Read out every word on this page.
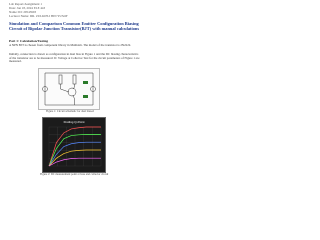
Lab Report/Assignment 1
Date: Jan 18, 2024 ELE 443
Name: ID: 29543993
Lecturer Name: DR. ZULKIFLI BIN YUSOF
Simulation and Comparison Common Emitter Configuration Biasing Circuit of Bipolar Junction Transistor(BJT) with manual calculations
Part 1: Calculation/Testing
A NPN BJT is chosen from component library in Multisim. The model of the transistor is 2N2222.
Initially, connection is drawn as configuration in dual bias in Figure 1 and the DC biasing characteristics of the transistor are to be measured: IC Voltage at Collector Test for the circuit parameters of Figure 1 are measured.
Figure 1: Circuit schematic for dual biased
Finding Q-Point
Figure 2: DC measurement point at base and collector circuit
